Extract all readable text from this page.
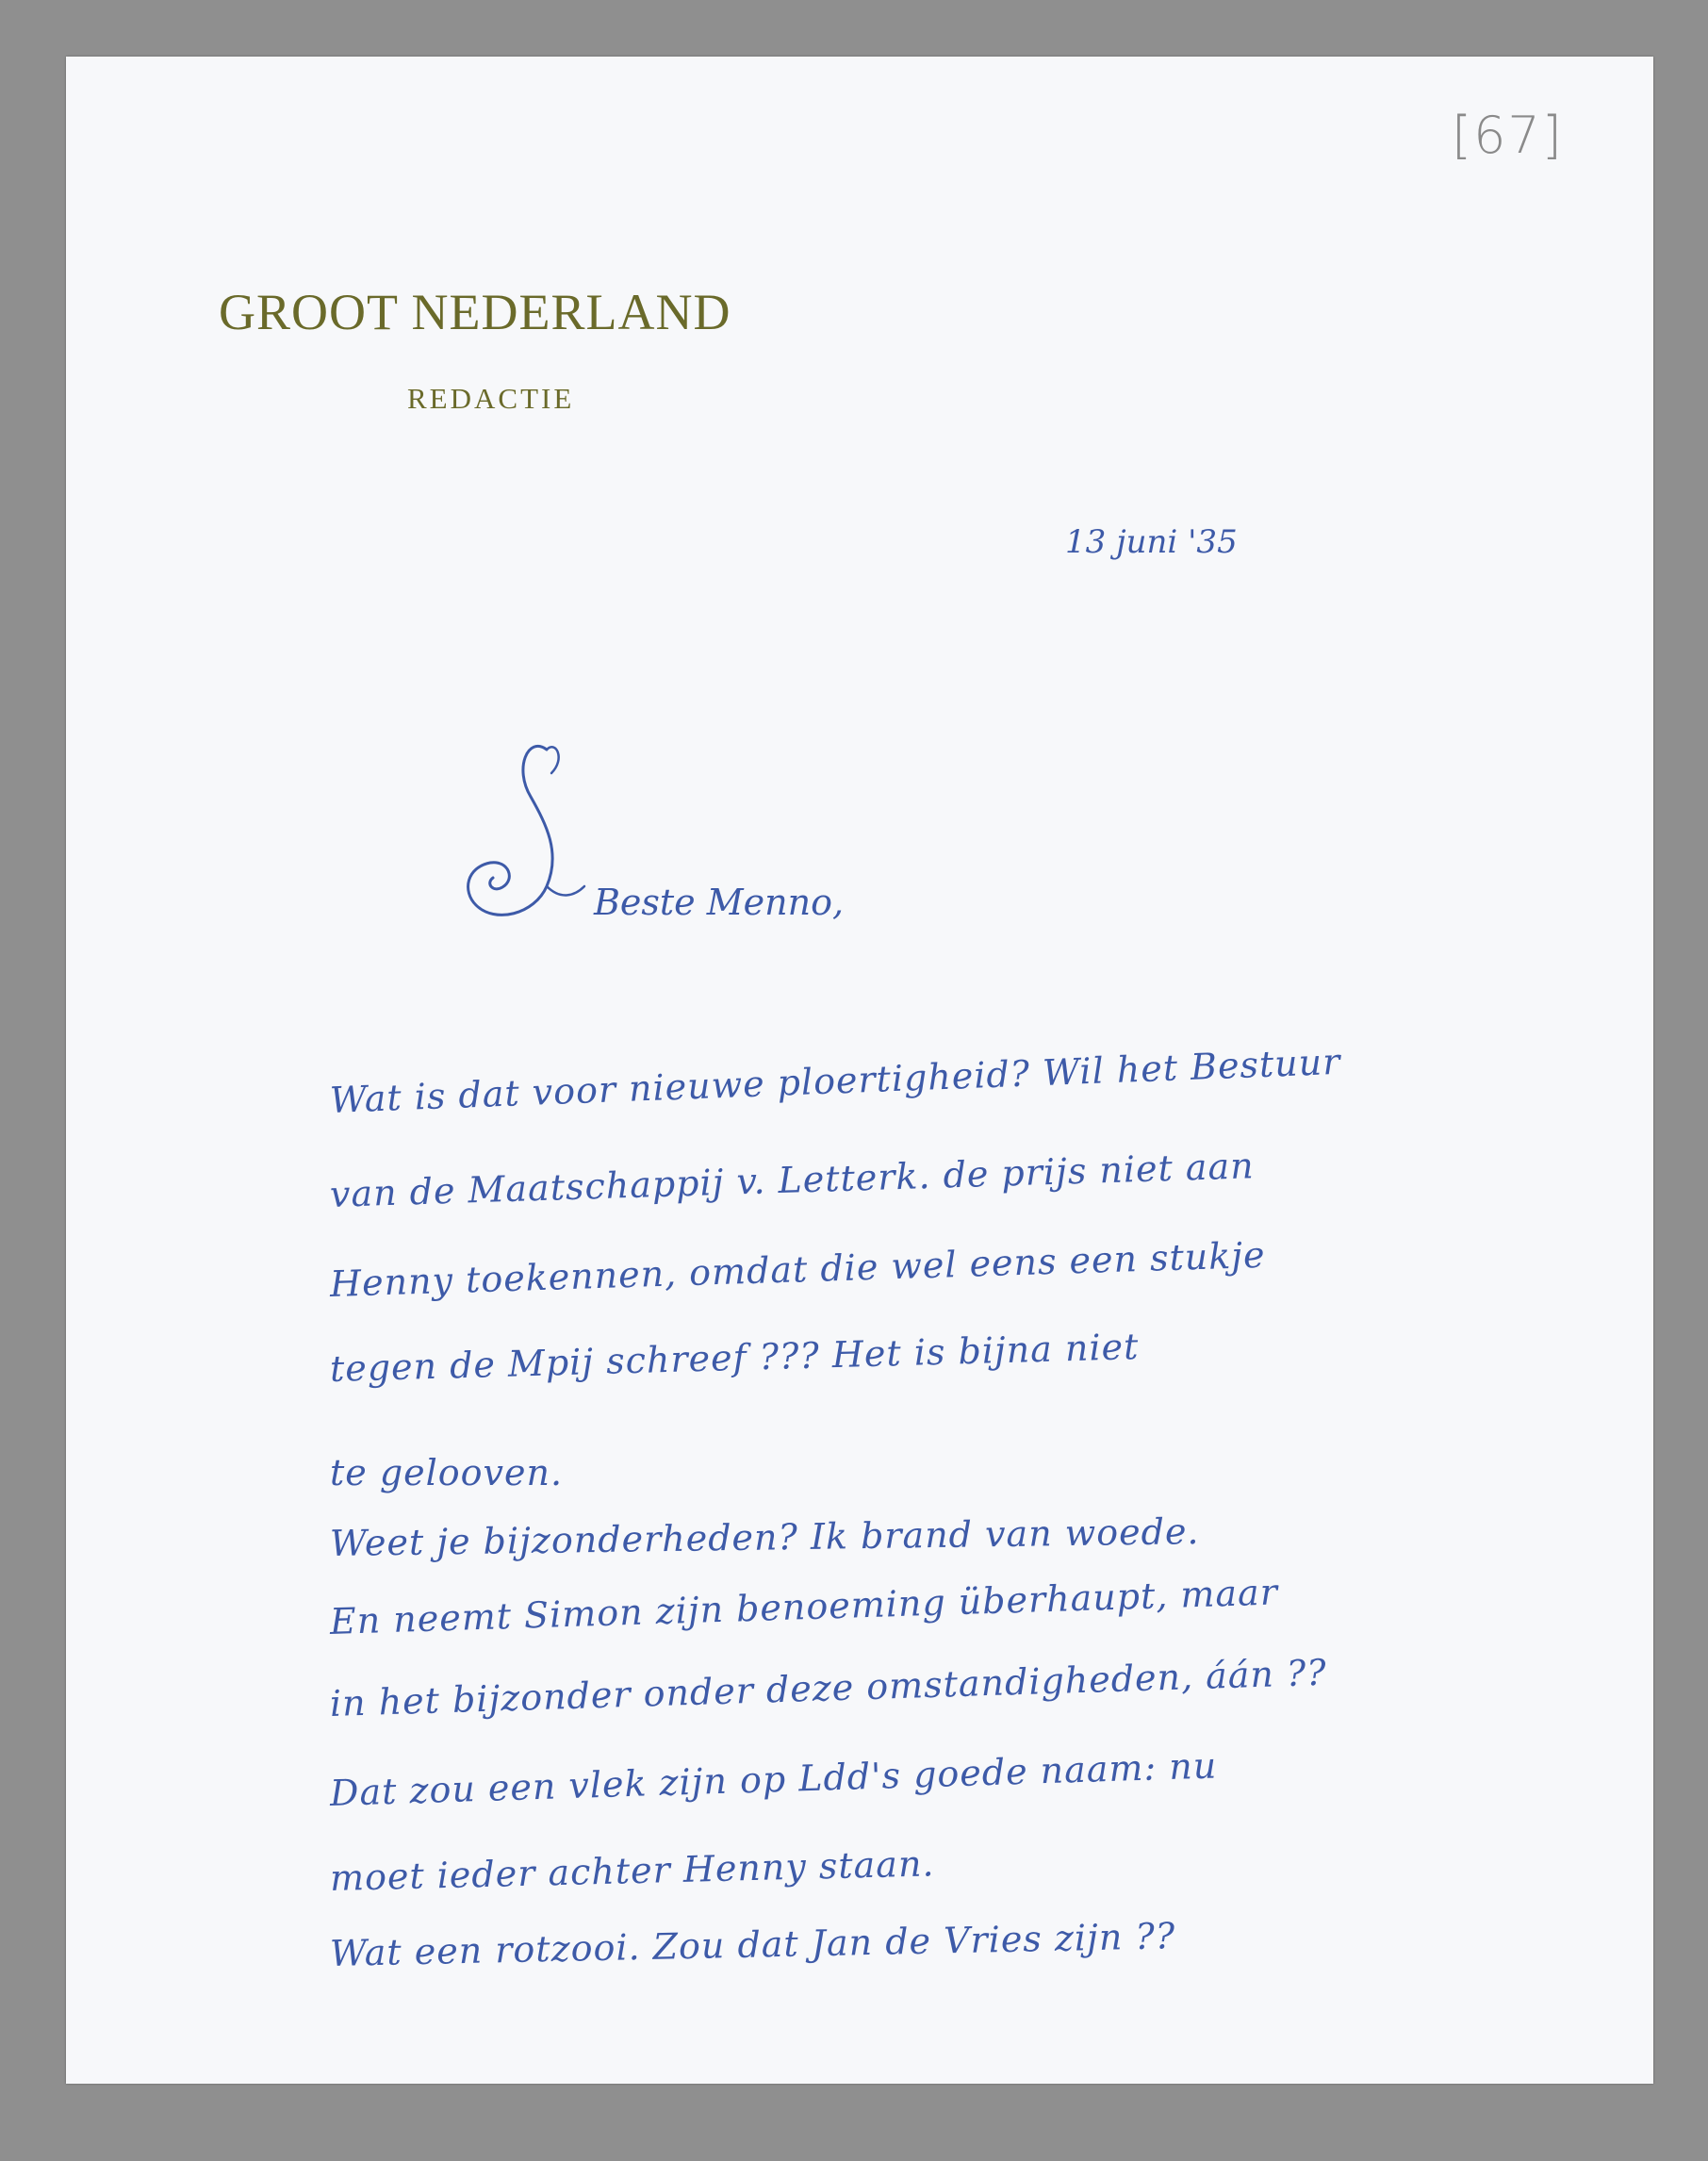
[67]
GROOT NEDERLAND
REDACTIE
13 juni '35
Beste Menno,
Wat is dat voor nieuwe ploertigheid? Wil het Bestuur
van de Maatschappij v. Letterk. de prijs niet aan
Henny toekennen, omdat die wel eens een stukje
tegen de Mpij schreef ??? Het is bijna niet
te gelooven.
Weet je bijzonderheden? Ik brand van woede.
En neemt Simon zijn benoeming überhaupt, maar
in het bijzonder onder deze omstandigheden, áán ??
Dat zou een vlek zijn op Ldd's goede naam: nu
moet ieder achter Henny staan.
Wat een rotzooi. Zou dat Jan de Vries zijn ??
